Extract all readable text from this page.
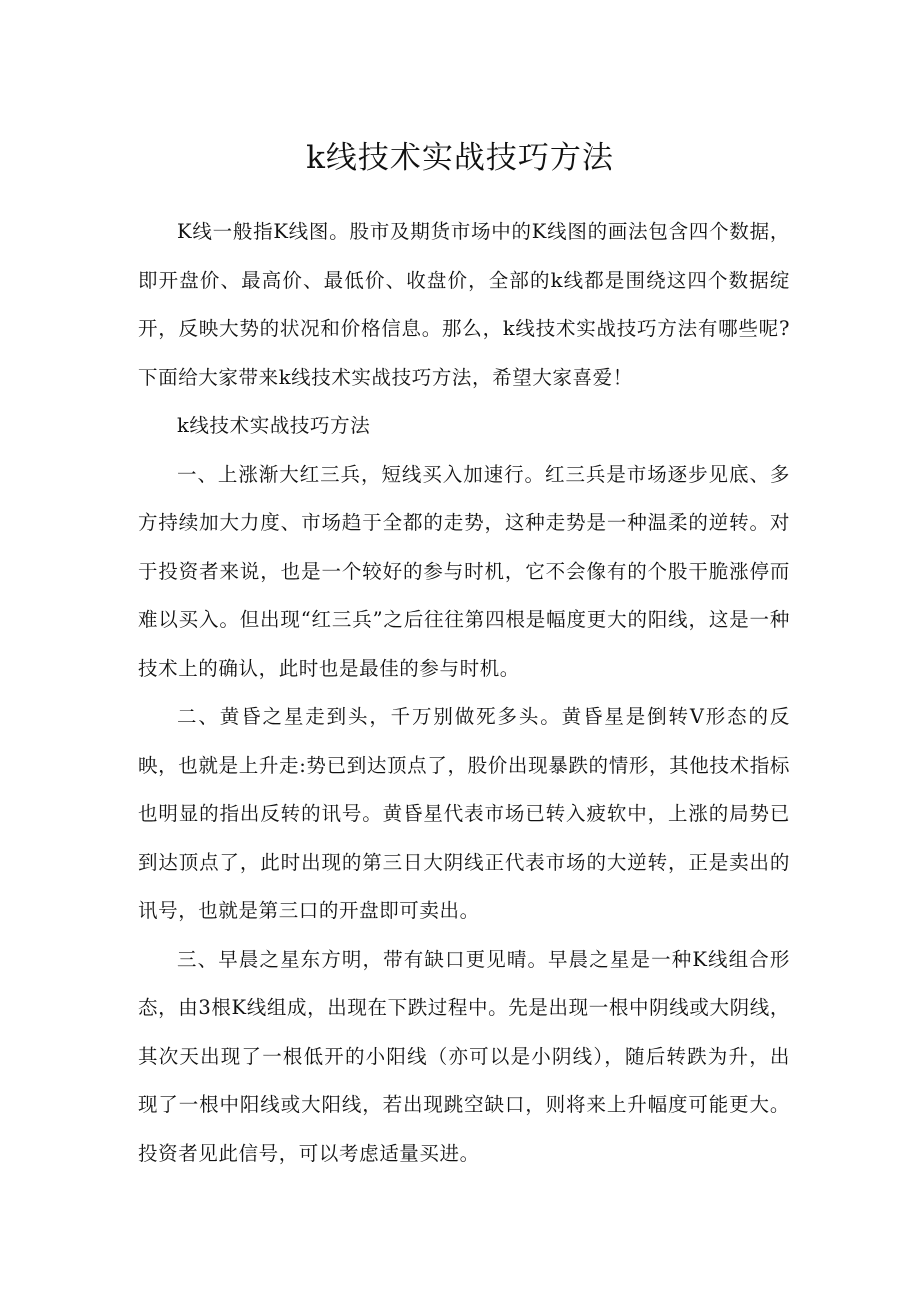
k线技术实战技巧方法

K线一般指K线图。股市及期货市场中的K线图的画法包含四个数据，即开盘价、最高价、最低价、收盘价，全部的k线都是围绕这四个数据绽开，反映大势的状况和价格信息。那么，k线技术实战技巧方法有哪些呢?下面给大家带来k线技术实战技巧方法，希望大家喜爱！

k线技术实战技巧方法

一、上涨渐大红三兵，短线买入加速行。红三兵是市场逐步见底、多方持续加大力度、市场趋于全都的走势，这种走势是一种温柔的逆转。对于投资者来说，也是一个较好的参与时机，它不会像有的个股干脆涨停而难以买入。但出现“红三兵”之后往往第四根是幅度更大的阳线，这是一种技术上的确认，此时也是最佳的参与时机。

二、黄昏之星走到头，千万别做死多头。黄昏星是倒转V形态的反映，也就是上升走:势已到达顶点了，股价出现暴跌的情形，其他技术指标也明显的指出反转的讯号。黄昏星代表市场已转入疲软中，上涨的局势已到达顶点了，此时出现的第三日大阴线正代表市场的大逆转，正是卖出的讯号，也就是第三口的开盘即可卖出。

三、早晨之星东方明，带有缺口更见晴。早晨之星是一种K线组合形态，由3根K线组成，出现在下跌过程中。先是出现一根中阴线或大阴线，其次天出现了一根低开的小阳线（亦可以是小阴线），随后转跌为升，出现了一根中阳线或大阳线，若出现跳空缺口，则将来上升幅度可能更大。投资者见此信号，可以考虑适量买进。
